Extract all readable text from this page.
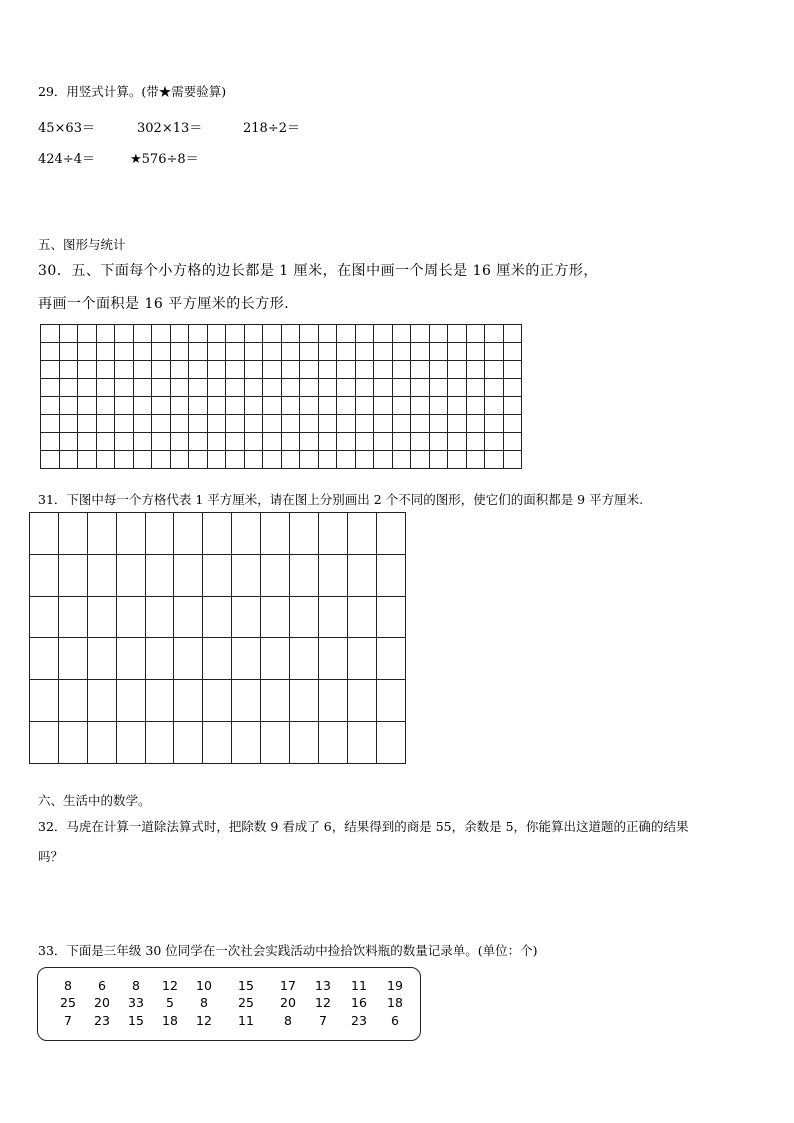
29．用竖式计算。(带★需要验算)
45×63＝	302×13＝	218÷2＝
424÷4＝	★576÷8＝
五、图形与统计
30．五、下面每个小方格的边长都是 1 厘米，在图中画一个周长是 16 厘米的正方形，
再画一个面积是 16 平方厘米的长方形.

31．下图中每一个方格代表 1 平方厘米，请在图上分别画出 2 个不同的图形，使它们的面积都是 9 平方厘米.

六、生活中的数学。
32．马虎在计算一道除法算式时，把除数 9 看成了 6，结果得到的商是 55，余数是 5，你能算出这道题的正确的结果
吗？
33．下面是三年级 30 位同学在一次社会实践活动中捡拾饮料瓶的数量记录单。(单位：个)
8	6	8	12	10	15	17	13	11	19
25	20	33	5	8	25	20	12	16	18
7	23	15	18	12	11	8	7	23	6
